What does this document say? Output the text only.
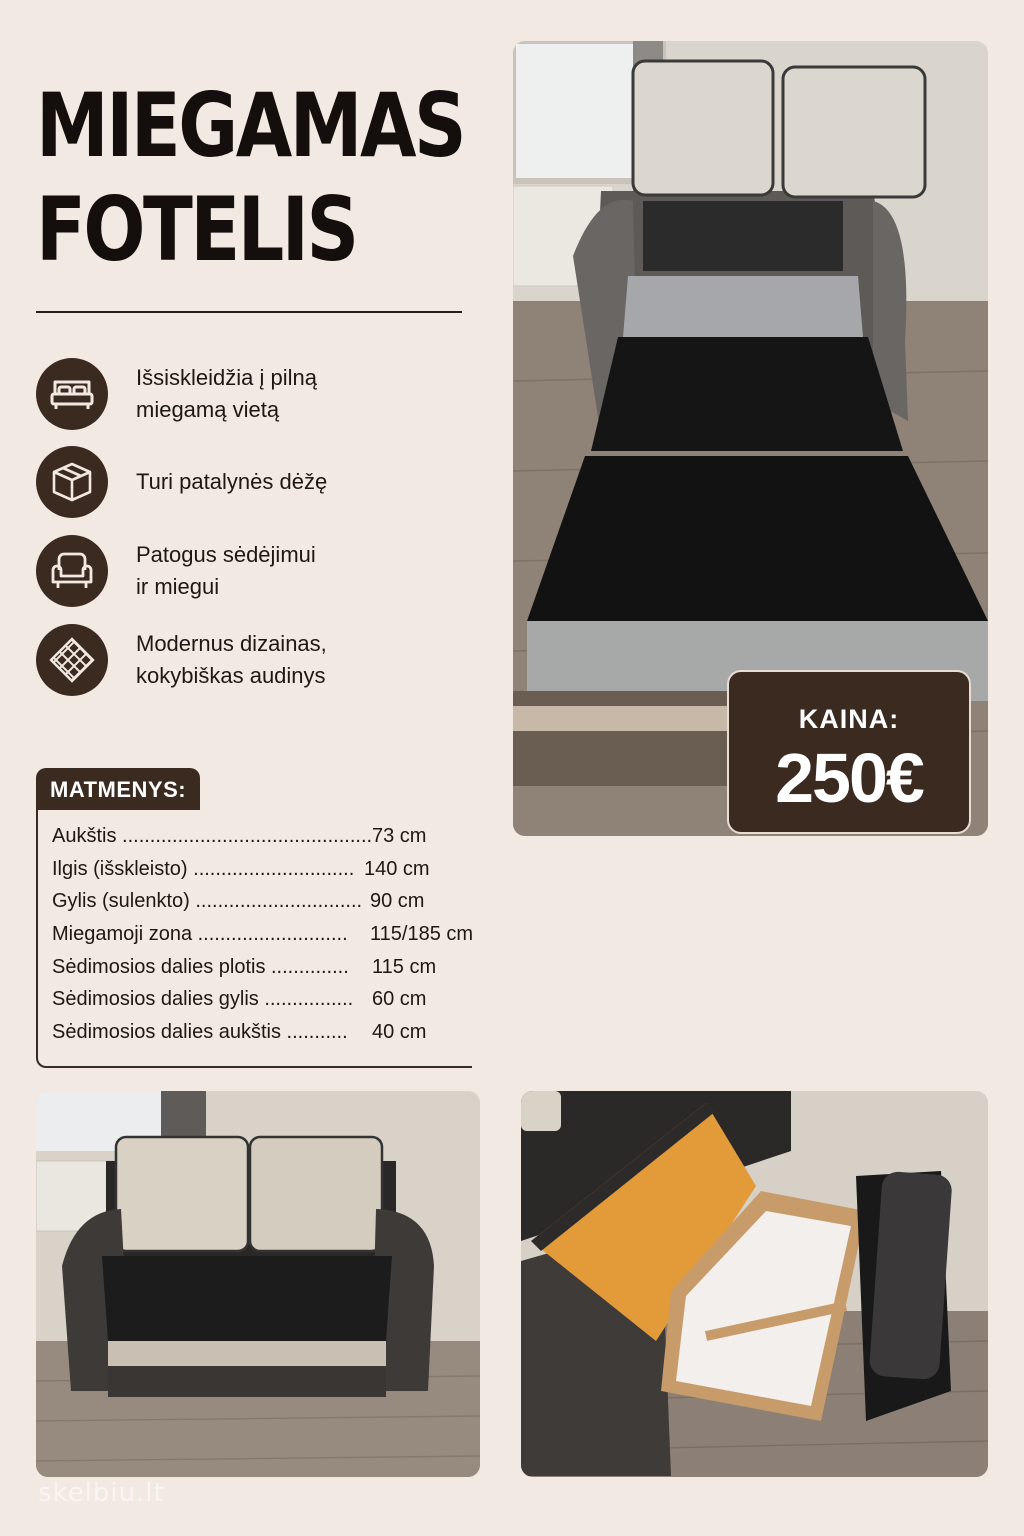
MIEGAMAS
FOTELIS
Išsiskleidžia į pilną
miegamą vietą
Turi patalynės dėžę
Patogus sėdėjimui
ir miegui
Modernus dizainas,
kokybiškas audinys
MATMENYS:
Aukštis ............................................. 73 cm
Ilgis (išskleisto) ............................. 140 cm
Gylis (sulenkto) .............................. 90 cm
Miegamoji zona ........................... 115/185 cm
Sėdimosios dalies plotis .............. 115 cm
Sėdimosios dalies gylis ................ 60 cm
Sėdimosios dalies aukštis ........... 40 cm
KAINA:
250€
skelbiu.lt
